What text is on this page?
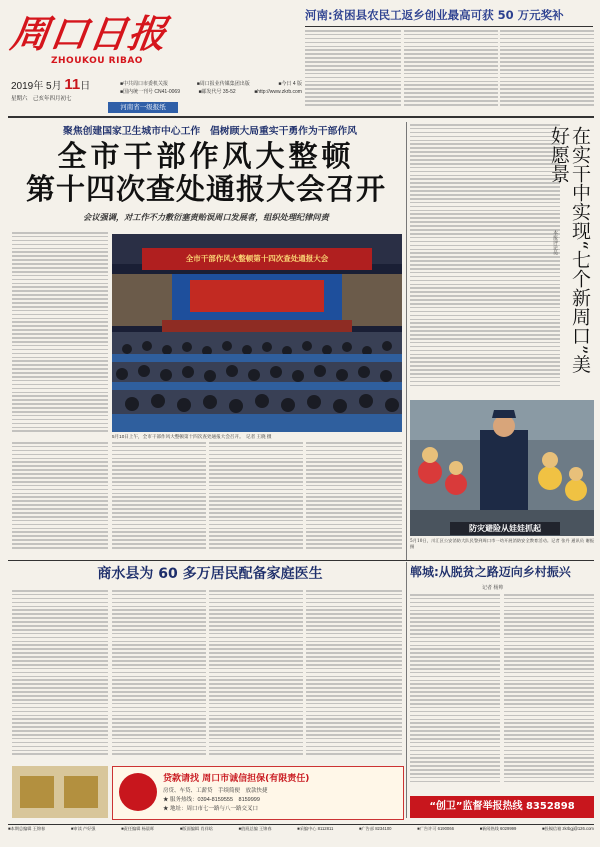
周口日报
ZHOUKOU RIBAO
2019年 5月 11日
星期六　己亥年四月初七
■中共周口市委机关报	■周口报业传媒集团出版	■今日 4 版
■国内统一刊号 CN41-0069	■邮发代号 35-52	■http://www.zkrb.com
河南省一级报纸
河南:贫困县农民工返乡创业最高可获 50 万元奖补
聚焦创建国家卫生城市中心工作　倡树顾大局重实干勇作为干部作风
全市干部作风大整顿
第十四次查处通报大会召开
会议强调，对工作不力敷衍塞责贻误周口发展者，组织处理纪律问责
全市干部作风大整顿第十四次查处通报大会
5月10日上午，全市干部作风大整顿第十四次查处通报大会召开。　记者 王晓 摄
在实干中实现“七个新周口”美好愿景
本报评论员
防灾避险从娃娃抓起
5月10日，川汇区公安消防大队民警到周口市一幼开展消防安全教育活动。记者 张丹 通讯员 谢振 摄
商水县为 60 多万居民配备家庭医生
贷款请找 周口市诚信担保(有限责任)
房贷、车贷、工薪贷　手续简便　放款快捷
★ 服务热线：0394-8159555　8159999
★ 地址：周口市七一路与八一路交叉口
郸城:从脱贫之路迈向乡村振兴
记者 杨帅
“创卫”监督举报热线 8352898
■本期总编辑 王锦春	■审读 卢好强	■责任编辑 杨晨晖	■版面编辑 肖祥晗	■值班总编 王锦春	■采编中心 8112811	■广告部 8234100	■广告许可 6190066	■新闻热线 6029999	■投稿信箱 zkrbgj@126.com
